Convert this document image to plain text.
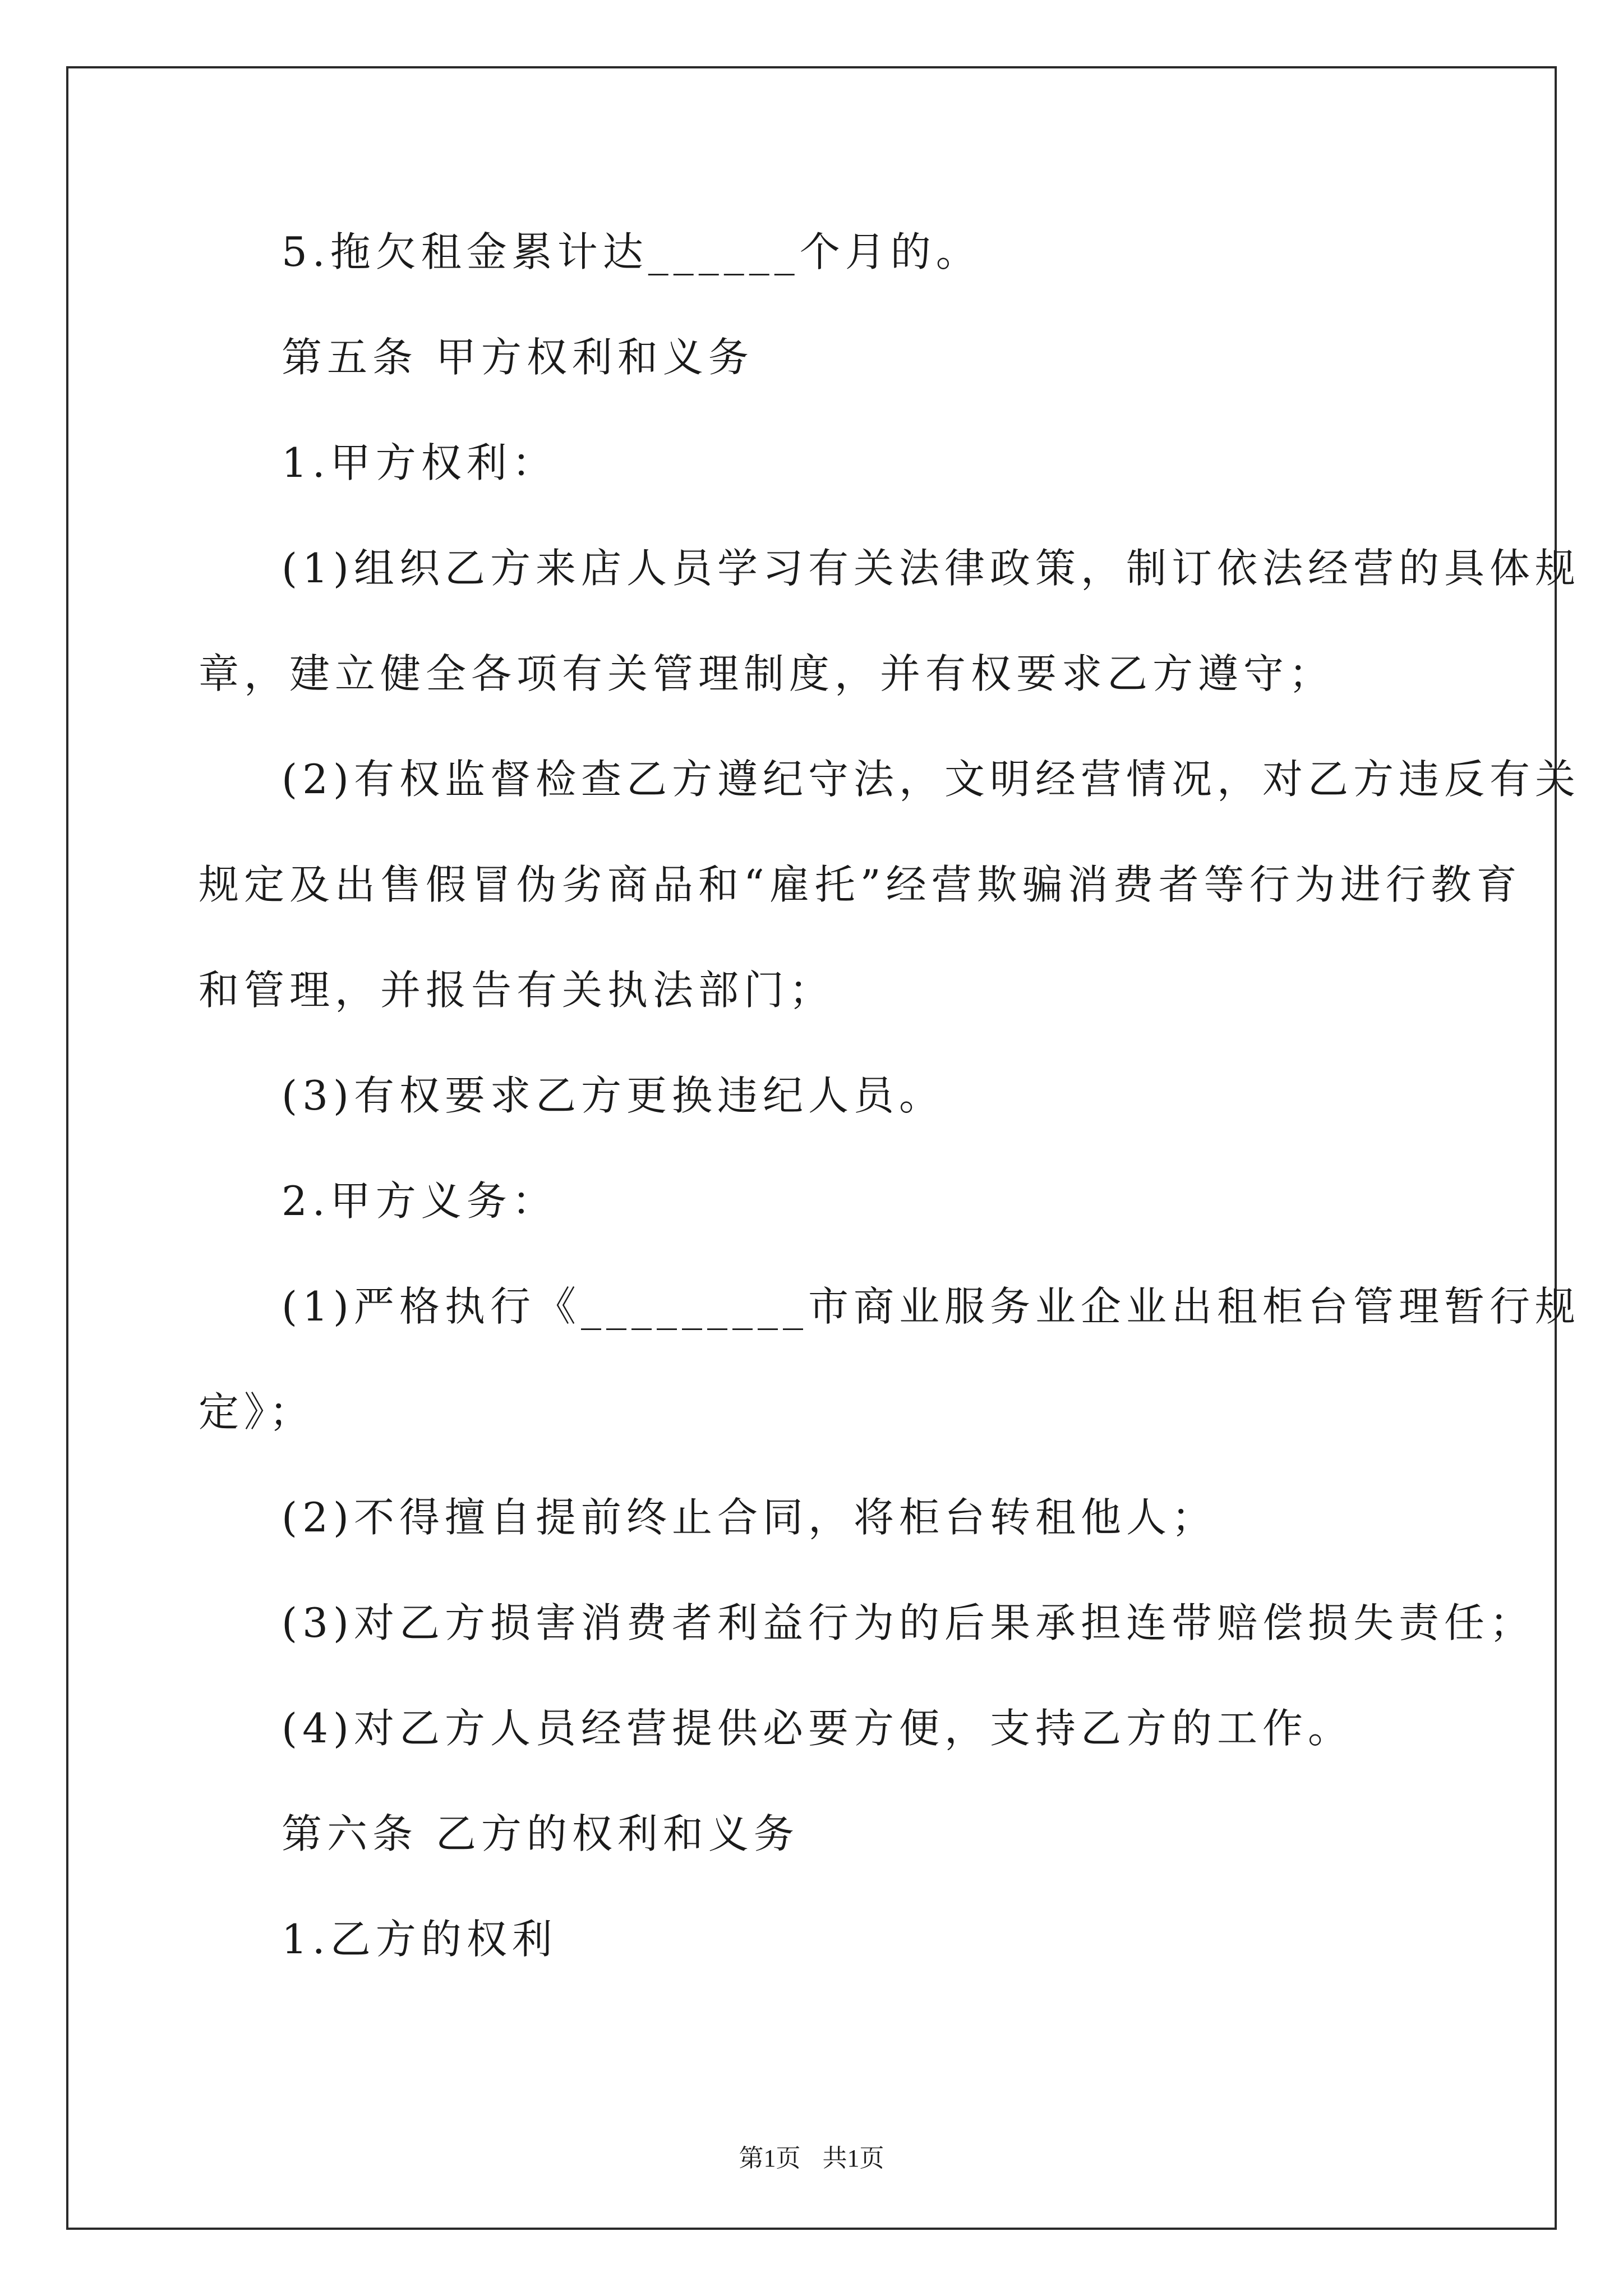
5.拖欠租金累计达______个月的。
第五条 甲方权利和义务
1.甲方权利：
(1)组织乙方来店人员学习有关法律政策，制订依法经营的具体规
章，建立健全各项有关管理制度，并有权要求乙方遵守；
(2)有权监督检查乙方遵纪守法，文明经营情况，对乙方违反有关
规定及出售假冒伪劣商品和“雇托”经营欺骗消费者等行为进行教育
和管理，并报告有关执法部门；
(3)有权要求乙方更换违纪人员。
2.甲方义务：
(1)严格执行《_________市商业服务业企业出租柜台管理暂行规
定》；
(2)不得擅自提前终止合同，将柜台转租他人；
(3)对乙方损害消费者利益行为的后果承担连带赔偿损失责任；
(4)对乙方人员经营提供必要方便，支持乙方的工作。
第六条 乙方的权利和义务
1.乙方的权利
第1页 共1页
